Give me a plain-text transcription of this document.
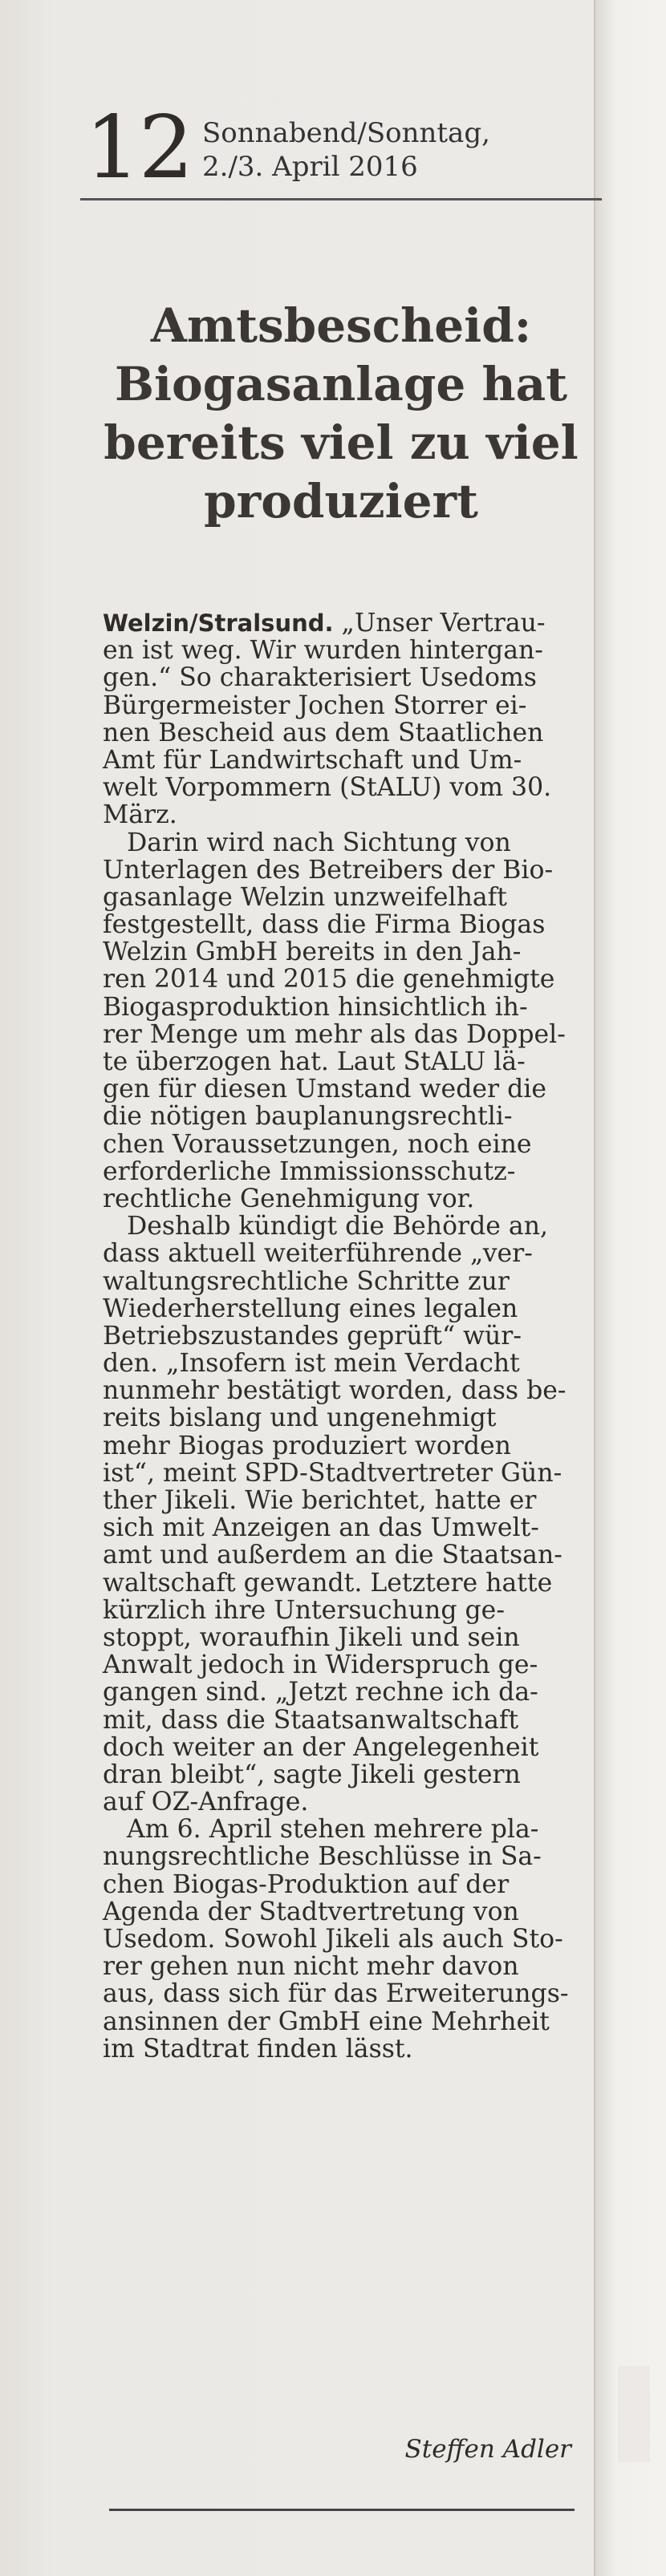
12 Sonnabend/Sonntag,
2./3. April 2016
Amtsbescheid:
Biogasanlage hat
bereits viel zu viel
produziert
Welzin/Stralsund. „Unser Vertrau-
en ist weg. Wir wurden hintergan-
gen.“ So charakterisiert Usedoms
Bürgermeister Jochen Storrer ei-
nen Bescheid aus dem Staatlichen
Amt für Landwirtschaft und Um-
welt Vorpommern (StALU) vom 30.
März.
Darin wird nach Sichtung von
Unterlagen des Betreibers der Bio-
gasanlage Welzin unzweifelhaft
festgestellt, dass die Firma Biogas
Welzin GmbH bereits in den Jah-
ren 2014 und 2015 die genehmigte
Biogasproduktion hinsichtlich ih-
rer Menge um mehr als das Doppel-
te überzogen hat. Laut StALU lä-
gen für diesen Umstand weder die
die nötigen bauplanungsrechtli-
chen Voraussetzungen, noch eine
erforderliche Immissionsschutz-
rechtliche Genehmigung vor.
Deshalb kündigt die Behörde an,
dass aktuell weiterführende „ver-
waltungsrechtliche Schritte zur
Wiederherstellung eines legalen
Betriebszustandes geprüft“ wür-
den. „Insofern ist mein Verdacht
nunmehr bestätigt worden, dass be-
reits bislang und ungenehmigt
mehr Biogas produziert worden
ist“, meint SPD-Stadtvertreter Gün-
ther Jikeli. Wie berichtet, hatte er
sich mit Anzeigen an das Umwelt-
amt und außerdem an die Staatsan-
waltschaft gewandt. Letztere hatte
kürzlich ihre Untersuchung ge-
stoppt, woraufhin Jikeli und sein
Anwalt jedoch in Widerspruch ge-
gangen sind. „Jetzt rechne ich da-
mit, dass die Staatsanwaltschaft
doch weiter an der Angelegenheit
dran bleibt“, sagte Jikeli gestern
auf OZ-Anfrage.
Am 6. April stehen mehrere pla-
nungsrechtliche Beschlüsse in Sa-
chen Biogas-Produktion auf der
Agenda der Stadtvertretung von
Usedom. Sowohl Jikeli als auch Sto-
rer gehen nun nicht mehr davon
aus, dass sich für das Erweiterungs-
ansinnen der GmbH eine Mehrheit
im Stadtrat finden lässt.
Steffen Adler
